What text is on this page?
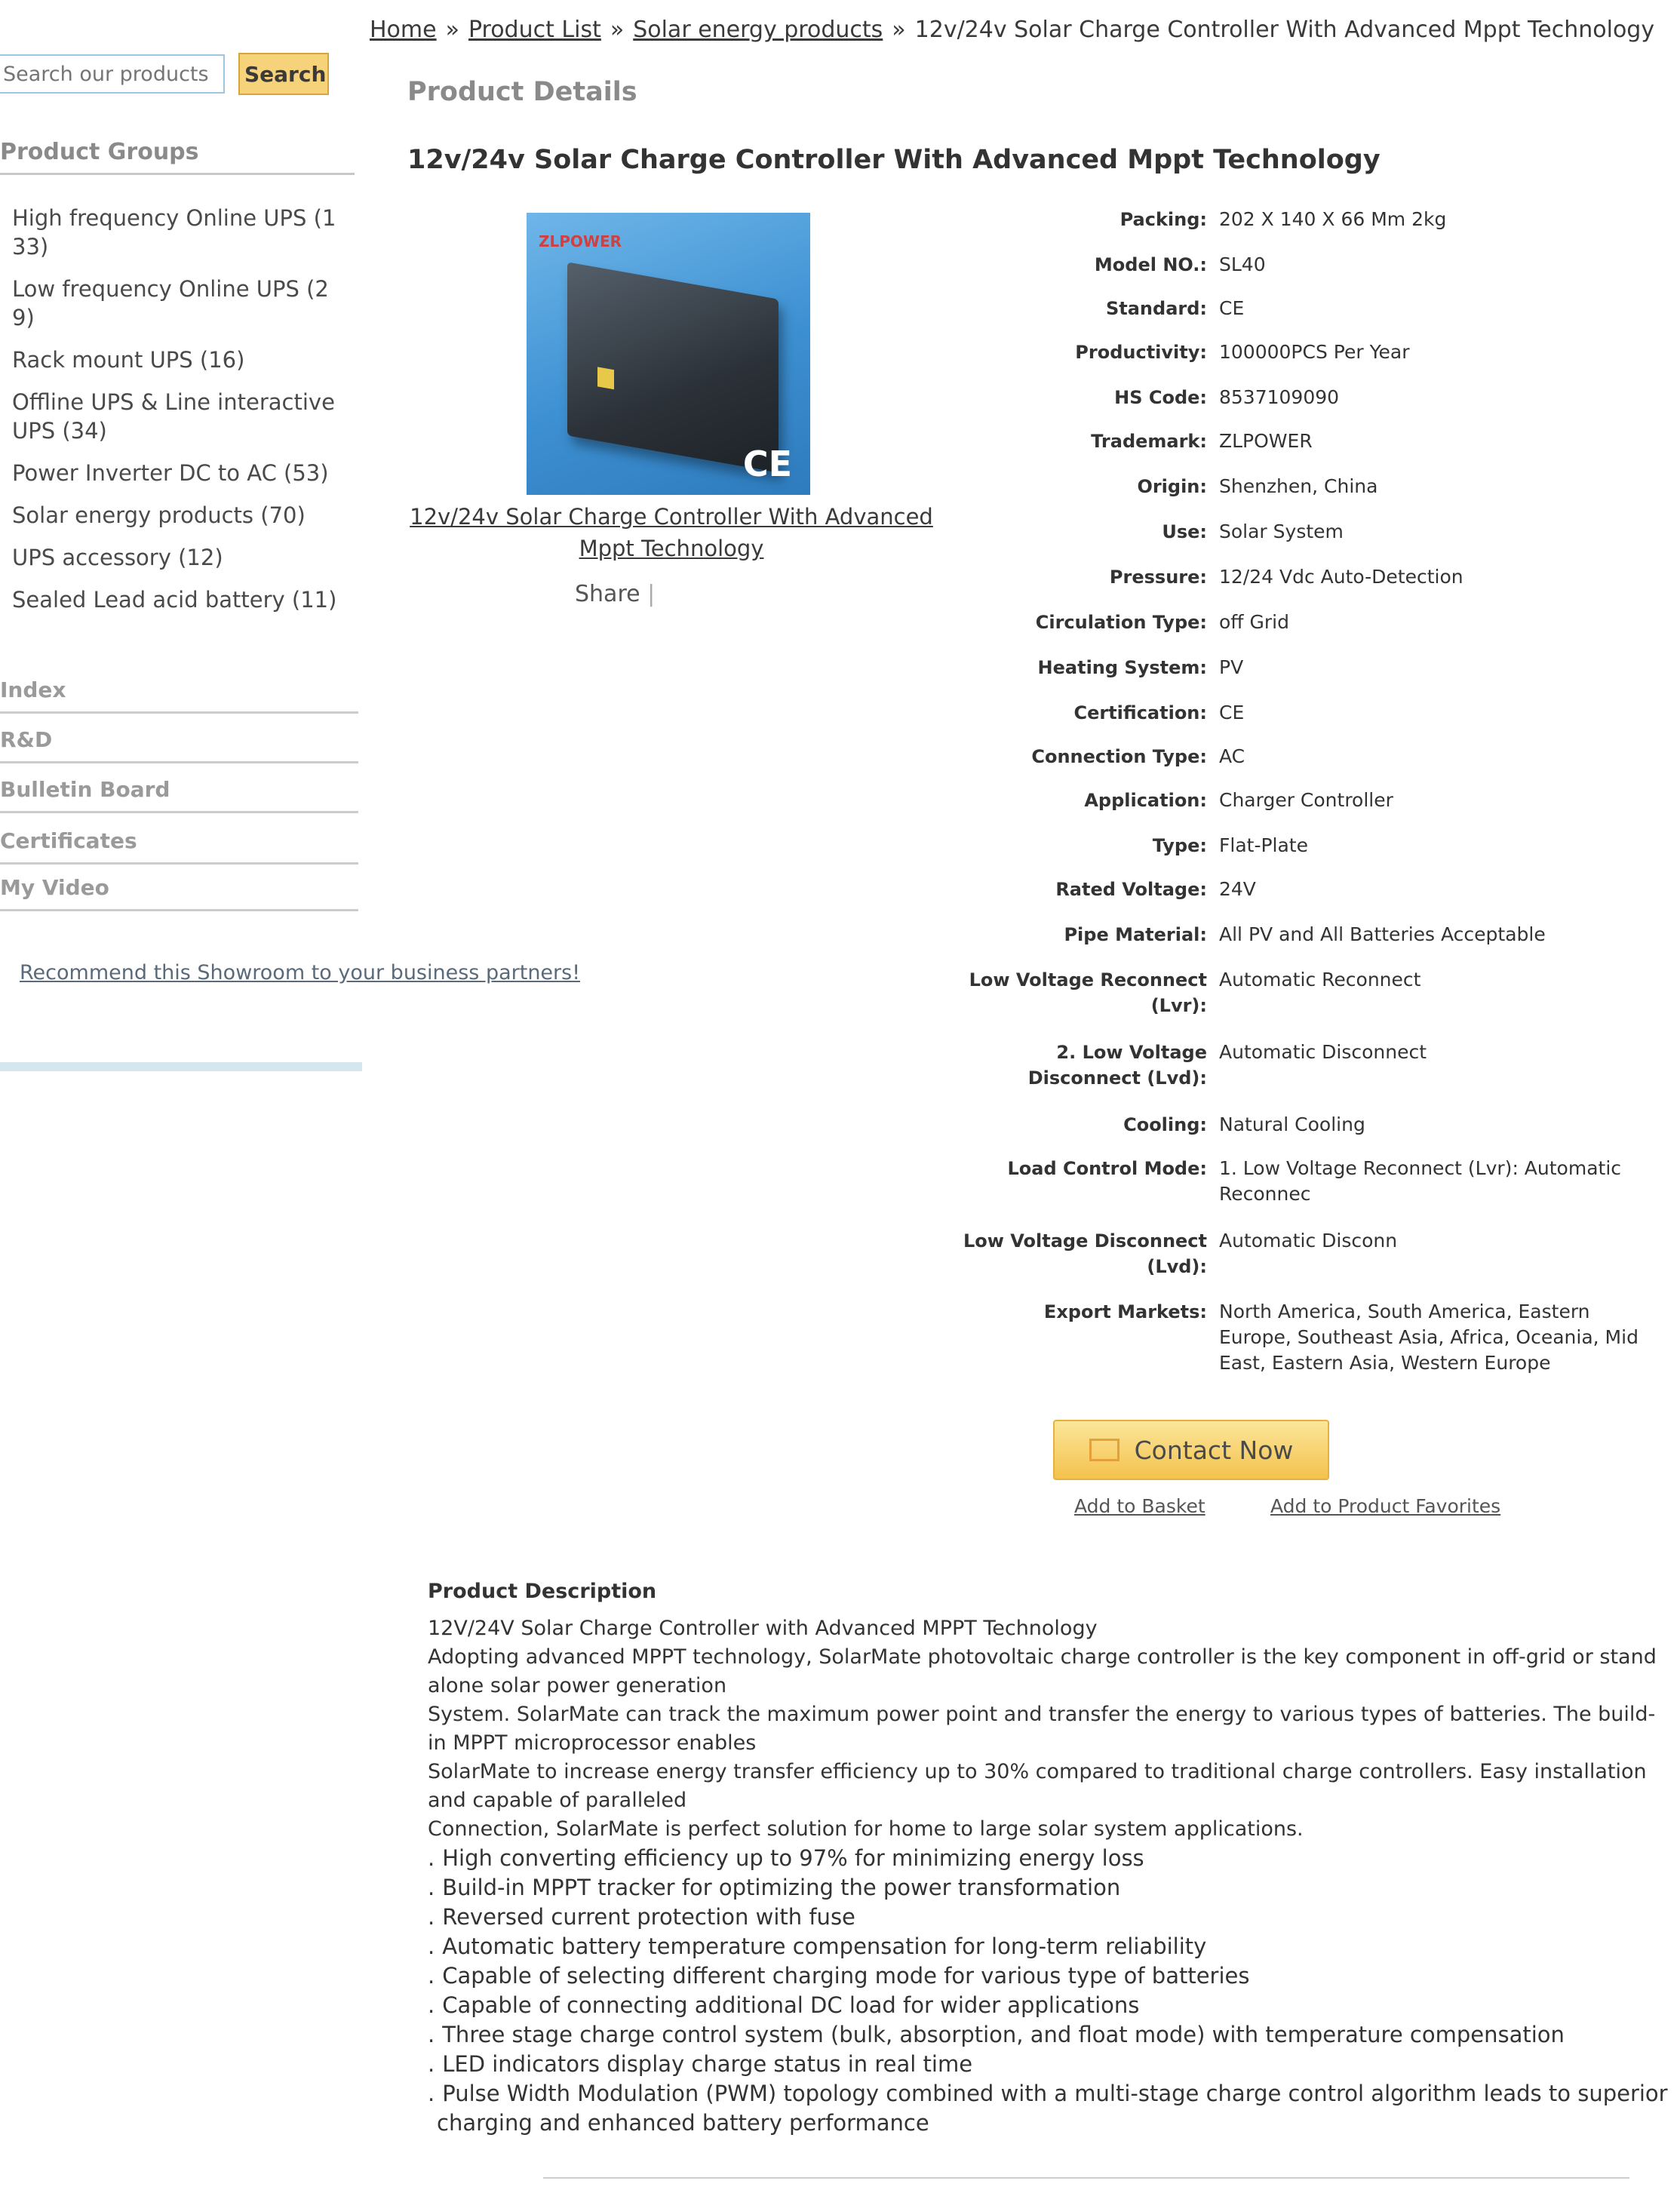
Search our products
Search
Product Groups
High frequency Online UPS (1
33)
Low frequency Online UPS (2
9)
Rack mount UPS (16)
Offline UPS & Line interactive UPS (34)
Power Inverter DC to AC (53)
Solar energy products (70)
UPS accessory (12)
Sealed Lead acid battery (11)
Index
R&D
Bulletin Board
Certificates
My Video
Recommend this Showroom to your business partners!
Home » Product List » Solar energy products » 12v/24v Solar Charge Controller With Advanced Mppt Technology
Product Details
12v/24v Solar Charge Controller With Advanced Mppt Technology
ZLPOWER
CE
12v/24v Solar Charge Controller With Advanced Mppt Technology
Share |
Packing: 202 X 140 X 66 Mm 2kg
Model NO.: SL40
Standard: CE
Productivity: 100000PCS Per Year
HS Code: 8537109090
Trademark: ZLPOWER
Origin: Shenzhen, China
Use: Solar System
Pressure: 12/24 Vdc Auto-Detection
Circulation Type: off Grid
Heating System: PV
Certification: CE
Connection Type: AC
Application: Charger Controller
Type: Flat-Plate
Rated Voltage: 24V
Pipe Material: All PV and All Batteries Acceptable
Low Voltage Reconnect (Lvr):
Automatic Reconnect
2. Low Voltage Disconnect (Lvd):
Automatic Disconnect
Cooling: Natural Cooling
Load Control Mode: 1. Low Voltage Reconnect (Lvr): Automatic Reconnec
Low Voltage Disconnect (Lvd):
Automatic Disconn
Export Markets: North America, South America, Eastern Europe, Southeast Asia, Africa, Oceania, Mid East, Eastern Asia, Western Europe
Contact Now
Add to Basket	Add to Product Favorites
Product Description

12V/24V Solar Charge Controller with Advanced MPPT Technology

Adopting advanced MPPT technology, SolarMate photovoltaic charge controller is the key component in off-grid or stand alone solar power generation

System. SolarMate can track the maximum power point and transfer the energy to various types of batteries. The build-in MPPT microprocessor enables

SolarMate to increase energy transfer efficiency up to 30% compared to traditional charge controllers. Easy installation and capable of paralleled

Connection, SolarMate is perfect solution for home to large solar system applications.

. High converting efficiency up to 97% for minimizing energy loss
. Build-in MPPT tracker for optimizing the power transformation
. Reversed current protection with fuse
. Automatic battery temperature compensation for long-term reliability
. Capable of selecting different charging mode for various type of batteries
. Capable of connecting additional DC load for wider applications
. Three stage charge control system (bulk, absorption, and float mode) with temperature compensation
. LED indicators display charge status in real time
. Pulse Width Modulation (PWM) topology combined with a multi-stage charge control algorithm leads to superior charging and enhanced battery performance
